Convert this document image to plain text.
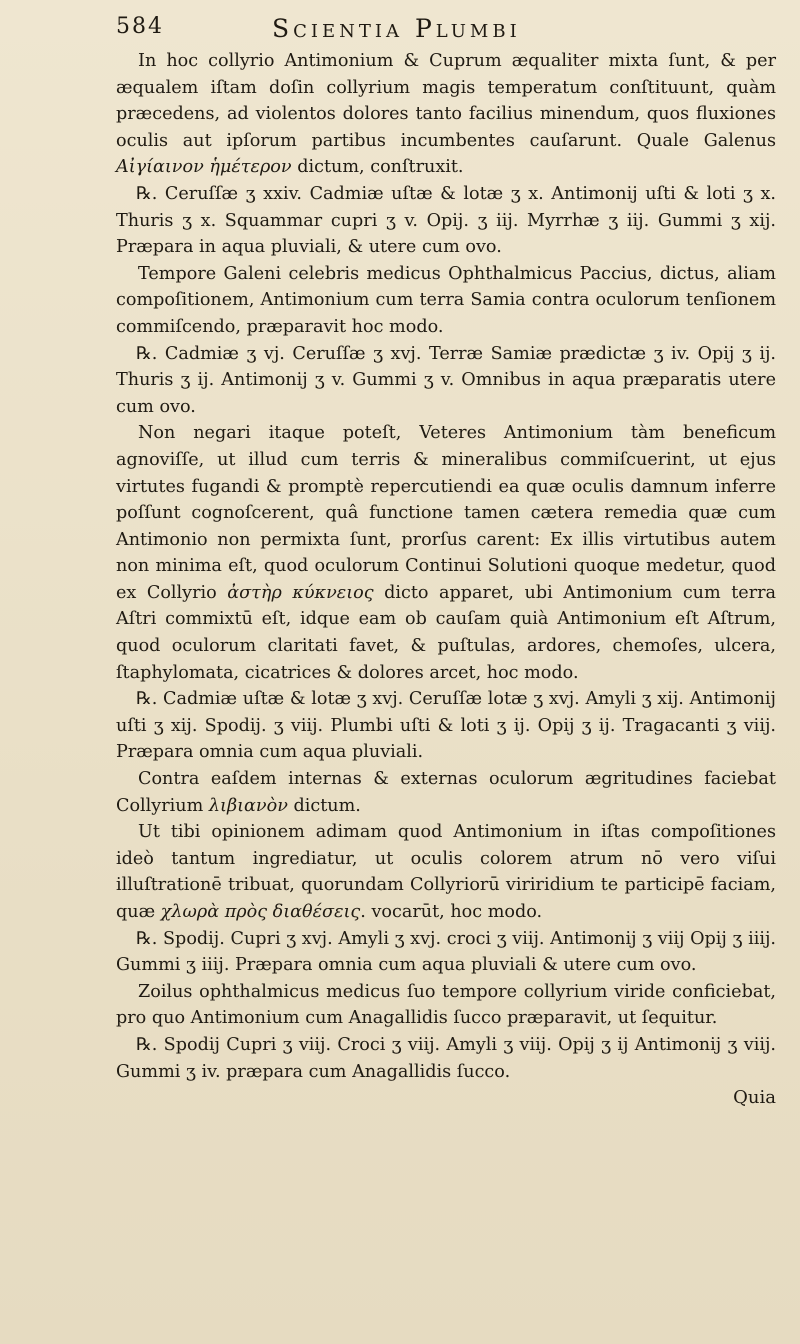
584	Scientia Plumbi

In hoc collyrio Antimonium & Cuprum æqualiter mixta ſunt, & per æqualem iſtam doſin collyrium magis temperatum conſtituunt, quàm præcedens, ad violentos dolores tanto facilius minendum, quos fluxiones oculis aut ipſorum partibus incumbentes cauſarunt. Quale Galenus Αἰγίαινον ἡμέτερον dictum, conſtruxit.

℞. Ceruſſæ ʒ xxiv. Cadmiæ uſtæ & lotæ ʒ x. Antimonij uſti & loti ʒ x. Thuris ʒ x. Squammar cupri ʒ v. Opij. ʒ iij. Myrrhæ ʒ iij. Gummi ʒ xij. Præpara in aqua pluviali, & utere cum ovo.

Tempore Galeni celebris medicus Ophthalmicus Paccius, dictus, aliam compoſitionem, Antimonium cum terra Samia contra oculorum tenſionem commiſcendo, præparavit hoc modo.

℞. Cadmiæ ʒ vj. Ceruſſæ ʒ xvj. Terræ Samiæ prædictæ ʒ iv. Opij ʒ ij. Thuris ʒ ij. Antimonij ʒ v. Gummi ʒ v. Omnibus in aqua præparatis utere cum ovo.

Non negari itaque poteſt, Veteres Antimonium tàm beneficum agnoviſſe, ut illud cum terris & mineralibus commiſcuerint, ut ejus virtutes fugandi & promptè repercutiendi ea quæ oculis damnum inferre poſſunt cognoſcerent, quâ functione tamen cætera remedia quæ cum Antimonio non permixta ſunt, prorſus carent: Ex illis virtutibus autem non minima eſt, quod oculorum Continui Solutioni quoque medetur, quod ex Collyrio ἀστὴρ κύκνειος dicto apparet, ubi Antimonium cum terra Aſtri commixtū eſt, idque eam ob cauſam quià Antimonium eſt Aſtrum, quod oculorum claritati favet, & puſtulas, ardores, chemoſes, ulcera, ſtaphylomata, cicatrices & dolores arcet, hoc modo.

℞. Cadmiæ uſtæ & lotæ ʒ xvj. Ceruſſæ lotæ ʒ xvj. Amyli ʒ xij. Antimonij uſti ʒ xij. Spodij. ʒ viij. Plumbi uſti & loti ʒ ij. Opij ʒ ij. Tragacanti ʒ viij. Præpara omnia cum aqua pluviali.

Contra eaſdem internas & externas oculorum ægritudines faciebat Collyrium λιβιανὸν dictum.

Ut tibi opinionem adimam quod Antimonium in iſtas compoſitiones ideò tantum ingrediatur, ut oculis colorem atrum nō vero viſui illuſtrationē tribuat, quorundam Collyriorū viriridium te participē faciam, quæ χλωρὰ πρὸς διαθέσεις. vocarūt, hoc modo.

℞. Spodij. Cupri ʒ xvj. Amyli ʒ xvj. croci ʒ viij. Antimonij ʒ viij Opij ʒ iiij. Gummi ʒ iiij. Præpara omnia cum aqua pluviali & utere cum ovo.

Zoilus ophthalmicus medicus ſuo tempore collyrium viride conficiebat, pro quo Antimonium cum Anagallidis ſucco præparavit, ut ſequitur.

℞. Spodij Cupri ʒ viij. Croci ʒ viij. Amyli ʒ viij. Opij ʒ ij Antimonij ʒ viij. Gummi ʒ iv. præpara cum Anagallidis ſucco.

Quia
